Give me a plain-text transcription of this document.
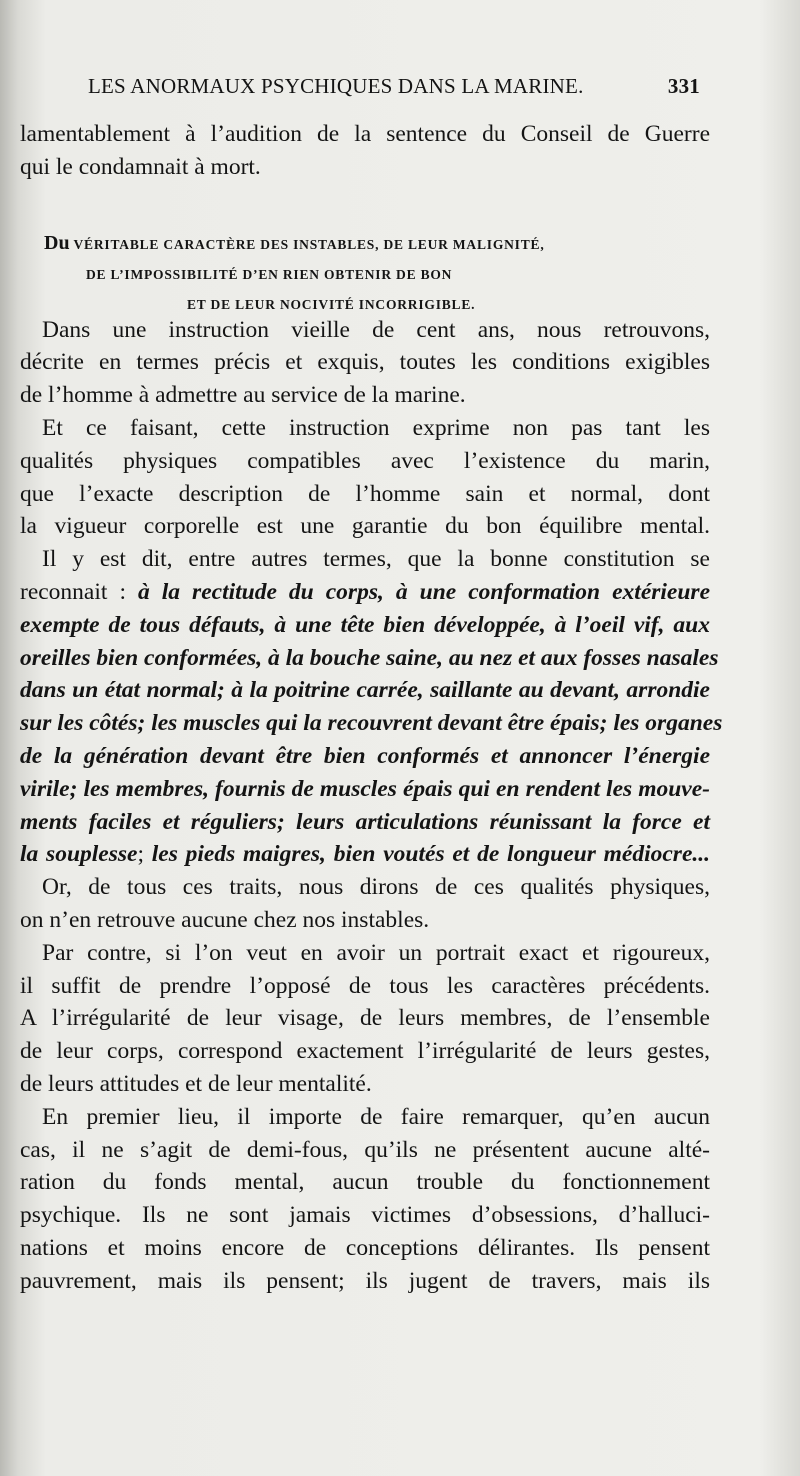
LES ANORMAUX PSYCHIQUES DANS LA MARINE.	331
Du VÉRITABLE CARACTÈRE DES INSTABLES, DE LEUR MALIGNITÉ,
DE L’IMPOSSIBILITÉ D’EN RIEN OBTENIR DE BON
ET DE LEUR NOCIVITÉ INCORRIGIBLE.
lamentablement à l’audition de la sentence du Conseil de Guerre
qui le condamnait à mort.
Dans une instruction vieille de cent ans, nous retrouvons,
décrite en termes précis et exquis, toutes les conditions exigibles
de l’homme à admettre au service de la marine.
Et ce faisant, cette instruction exprime non pas tant les
qualités physiques compatibles avec l’existence du marin,
que l’exacte description de l’homme sain et normal, dont
la vigueur corporelle est une garantie du bon équilibre mental.
Il y est dit, entre autres termes, que la bonne constitution se
reconnait : à la rectitude du corps, à une conformation extérieure
exempte de tous défauts, à une tête bien développée, à l’oeil vif, aux
oreilles bien conformées, à la bouche saine, au nez et aux fosses nasales
dans un état normal; à la poitrine carrée, saillante au devant, arrondie
sur les côtés; les muscles qui la recouvrent devant être épais; les organes
de la génération devant être bien conformés et annoncer l’énergie
virile; les membres, fournis de muscles épais qui en rendent les mouve-
ments faciles et réguliers; leurs articulations réunissant la force et
la souplesse; les pieds maigres, bien voutés et de longueur médiocre...
Or, de tous ces traits, nous dirons de ces qualités physiques,
on n’en retrouve aucune chez nos instables.
Par contre, si l’on veut en avoir un portrait exact et rigoureux,
il suffit de prendre l’opposé de tous les caractères précédents.
A l’irrégularité de leur visage, de leurs membres, de l’ensemble
de leur corps, correspond exactement l’irrégularité de leurs gestes,
de leurs attitudes et de leur mentalité.
En premier lieu, il importe de faire remarquer, qu’en aucun
cas, il ne s’agit de demi-fous, qu’ils ne présentent aucune alté-
ration du fonds mental, aucun trouble du fonctionnement
psychique. Ils ne sont jamais victimes d’obsessions, d’halluci-
nations et moins encore de conceptions délirantes. Ils pensent
pauvrement, mais ils pensent; ils jugent de travers, mais ils
